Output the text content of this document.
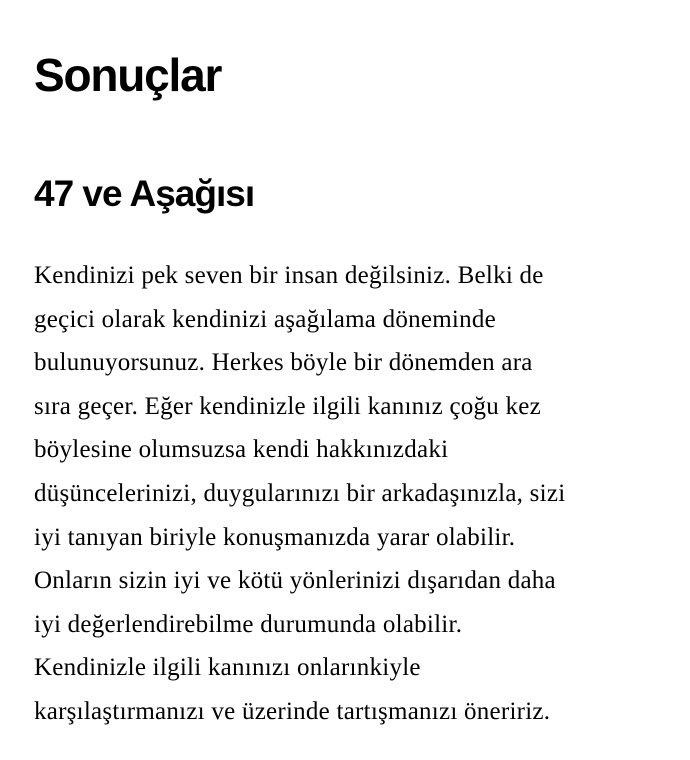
Sonuçlar
47 ve Aşağısı

Kendinizi pek seven bir insan değilsiniz. Belki de
geçici olarak kendinizi aşağılama döneminde
bulunuyorsunuz. Herkes böyle bir dönemden ara
sıra geçer. Eğer kendinizle ilgili kanınız çoğu kez
böylesine olumsuzsa kendi hakkınızdaki
düşüncelerinizi, duygularınızı bir arkadaşınızla, sizi
iyi tanıyan biriyle konuşmanızda yarar olabilir.
Onların sizin iyi ve kötü yönlerinizi dışarıdan daha
iyi değerlendirebilme durumunda olabilir.
Kendinizle ilgili kanınızı onlarınkiyle
karşılaştırmanızı ve üzerinde tartışmanızı öneririz.
